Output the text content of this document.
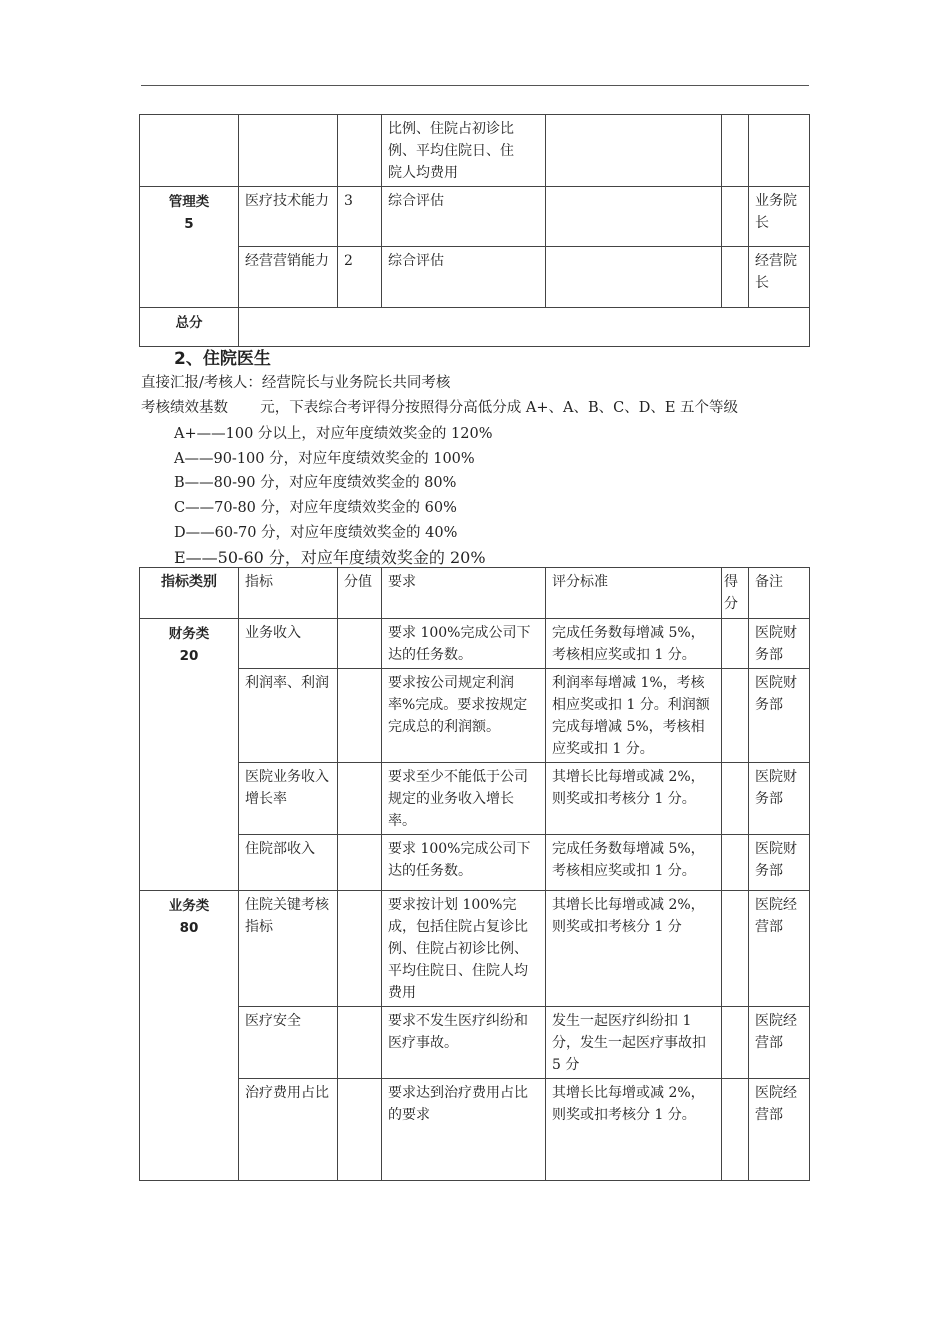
			比例、住院占初诊比
例、平均住院日、住
院人均费用			

管理类
5	医疗技术能力	3	综合评估			业务院长
	经营营销能力	2	综合评估			经营院长
总分						
2、住院医生
直接汇报/考核人：经营院长与业务院长共同考核
考核绩效基数       元，下表综合考评得分按照得分高低分成 A+、A、B、C、D、E 五个等级
A+——100 分以上，对应年度绩效奖金的 120%
A——90-100 分，对应年度绩效奖金的 100%
B——80-90 分，对应年度绩效奖金的 80%
C——70-80 分，对应年度绩效奖金的 60%
D——60-70 分，对应年度绩效奖金的 40%
E——50-60 分，对应年度绩效奖金的 20%
指标类别	指标	分值	要求	评分标准	得分	备注

财务类
20	业务收入		要求 100%完成公司下达的任务数。	完成任务数每增减 5%，考核相应奖或扣 1 分。		医院财务部
	利润率、利润		要求按公司规定利润率%完成。要求按规定完成总的利润额。	利润率每增减 1%，考核相应奖或扣 1 分。利润额完成每增减 5%，考核相应奖或扣 1 分。		医院财务部
	医院业务收入增长率		要求至少不能低于公司规定的业务收入增长率。	其增长比每增或减 2%，则奖或扣考核分 1 分。		医院财务部
	住院部收入		要求 100%完成公司下达的任务数。	完成任务数每增减 5%，考核相应奖或扣 1 分。		医院财务部

业务类
80	住院关键考核指标		要求按计划 100%完成，包括住院占复诊比例、住院占初诊比例、平均住院日、住院人均费用	其增长比每增或减 2%，则奖或扣考核分 1 分		医院经营部
	医疗安全		要求不发生医疗纠纷和医疗事故。	发生一起医疗纠纷扣 1 分，发生一起医疗事故扣 5 分		医院经营部
	治疗费用占比		要求达到治疗费用占比的要求	其增长比每增或减 2%，则奖或扣考核分 1 分。		医院经营部
